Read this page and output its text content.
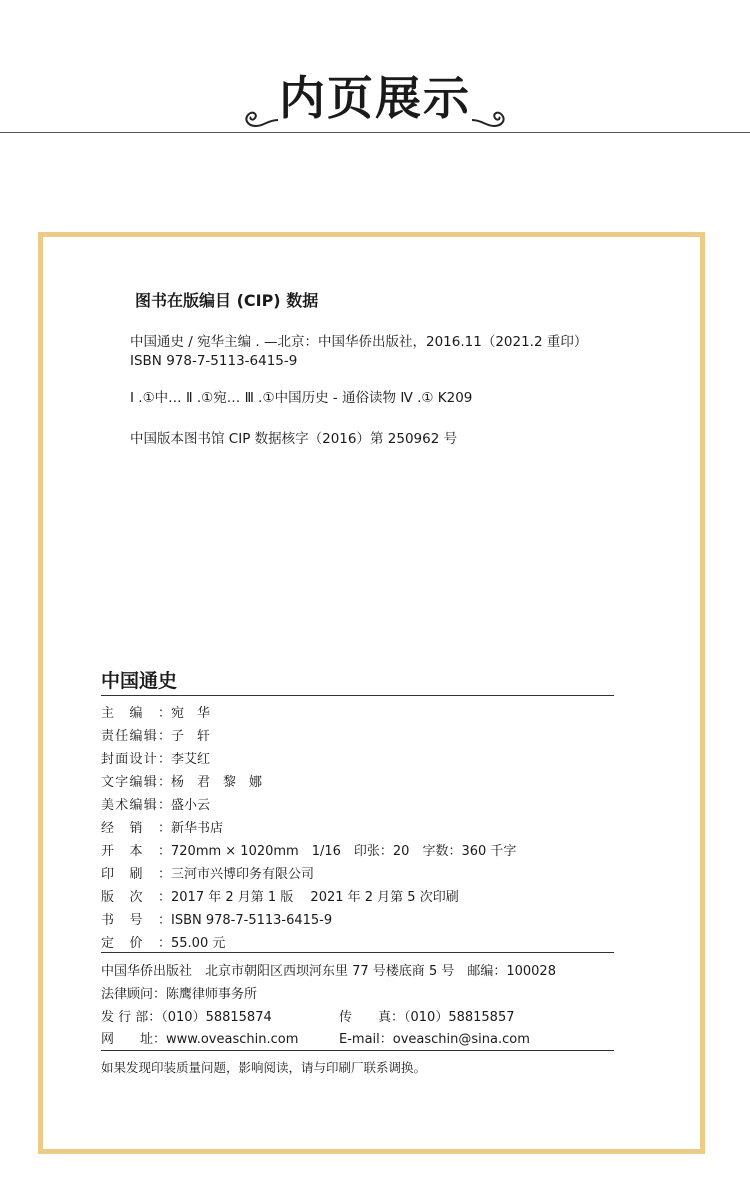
内页展示
图书在版编目 (CIP) 数据
中国通史 / 宛华主编 . —北京：中国华侨出版社，2016.11（2021.2 重印）
ISBN 978-7-5113-6415-9
Ⅰ .①中… Ⅱ .①宛… Ⅲ .①中国历史 - 通俗读物 Ⅳ .① K209
中国版本图书馆 CIP 数据核字（2016）第 250962 号
中国通史
主编：宛　华
责任编辑：子　轩
封面设计：李艾红
文字编辑：杨　君　黎　娜
美术编辑：盛小云
经销：新华书店
开本：720mm × 1020mm　1/16　印张：20　字数：360 千字
印刷：三河市兴博印务有限公司
版次：2017 年 2 月第 1 版　 2021 年 2 月第 5 次印刷
书号：ISBN 978-7-5113-6415-9
定价：55.00 元
中国华侨出版社　北京市朝阳区西坝河东里 77 号楼底商 5 号　邮编：100028
法律顾问：陈鹰律师事务所
发 行 部：（010）58815874	传　　真：（010）58815857
网　　址：www.oveaschin.com	E-mail：oveaschin@sina.com
如果发现印装质量问题，影响阅读，请与印刷厂联系调换。
